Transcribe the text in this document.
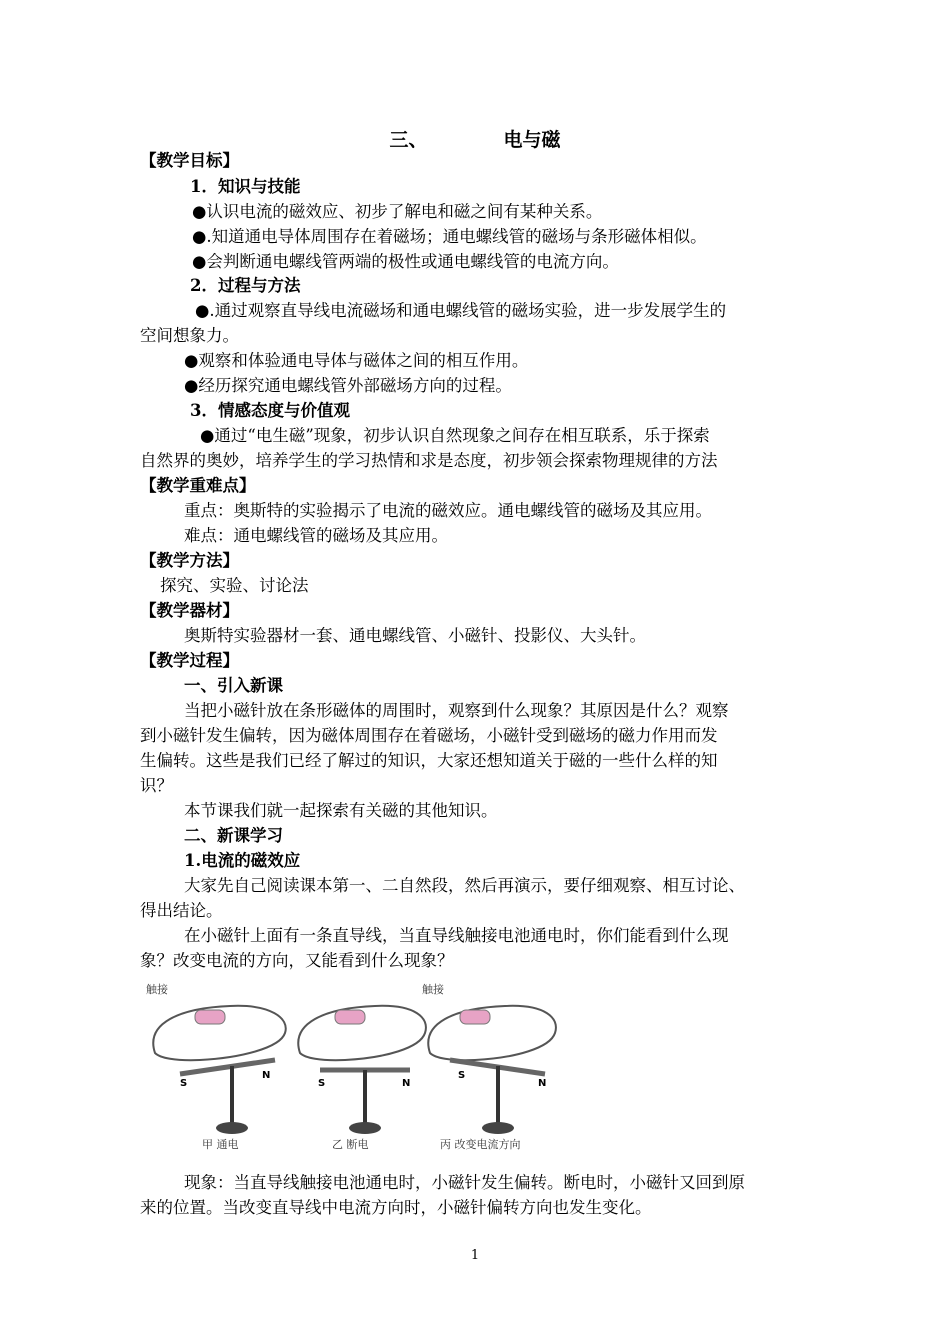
三、	电与磁
【教学目标】
1．知识与技能
●认识电流的磁效应、初步了解电和磁之间有某种关系。
●.知道通电导体周围存在着磁场；通电螺线管的磁场与条形磁体相似。
●会判断通电螺线管两端的极性或通电螺线管的电流方向。
2．过程与方法
●.通过观察直导线电流磁场和通电螺线管的磁场实验，进一步发展学生的
空间想象力。
●观察和体验通电导体与磁体之间的相互作用。
●经历探究通电螺线管外部磁场方向的过程。
3．情感态度与价值观
●通过“电生磁”现象，初步认识自然现象之间存在相互联系，乐于探索
自然界的奥妙，培养学生的学习热情和求是态度，初步领会探索物理规律的方法
【教学重难点】
重点：奥斯特的实验揭示了电流的磁效应。通电螺线管的磁场及其应用。
难点：通电螺线管的磁场及其应用。
【教学方法】
探究、实验、讨论法
【教学器材】
奥斯特实验器材一套、通电螺线管、小磁针、投影仪、大头针。
【教学过程】
一、引入新课
当把小磁针放在条形磁体的周围时，观察到什么现象？其原因是什么？观察
到小磁针发生偏转，因为磁体周围存在着磁场，小磁针受到磁场的磁力作用而发
生偏转。这些是我们已经了解过的知识，大家还想知道关于磁的一些什么样的知
识？
本节课我们就一起探索有关磁的其他知识。
二、新课学习
1.电流的磁效应
大家先自己阅读课本第一、二自然段，然后再演示，要仔细观察、相互讨论、
得出结论。
在小磁针上面有一条直导线，当直导线触接电池通电时，你们能看到什么现
象？改变电流的方向，又能看到什么现象？
触接
S
N
甲 通电
S	N
乙 断电
触接
S
N
丙 改变电流方向
现象：当直导线触接电池通电时，小磁针发生偏转。断电时，小磁针又回到原
来的位置。当改变直导线中电流方向时，小磁针偏转方向也发生变化。
1
